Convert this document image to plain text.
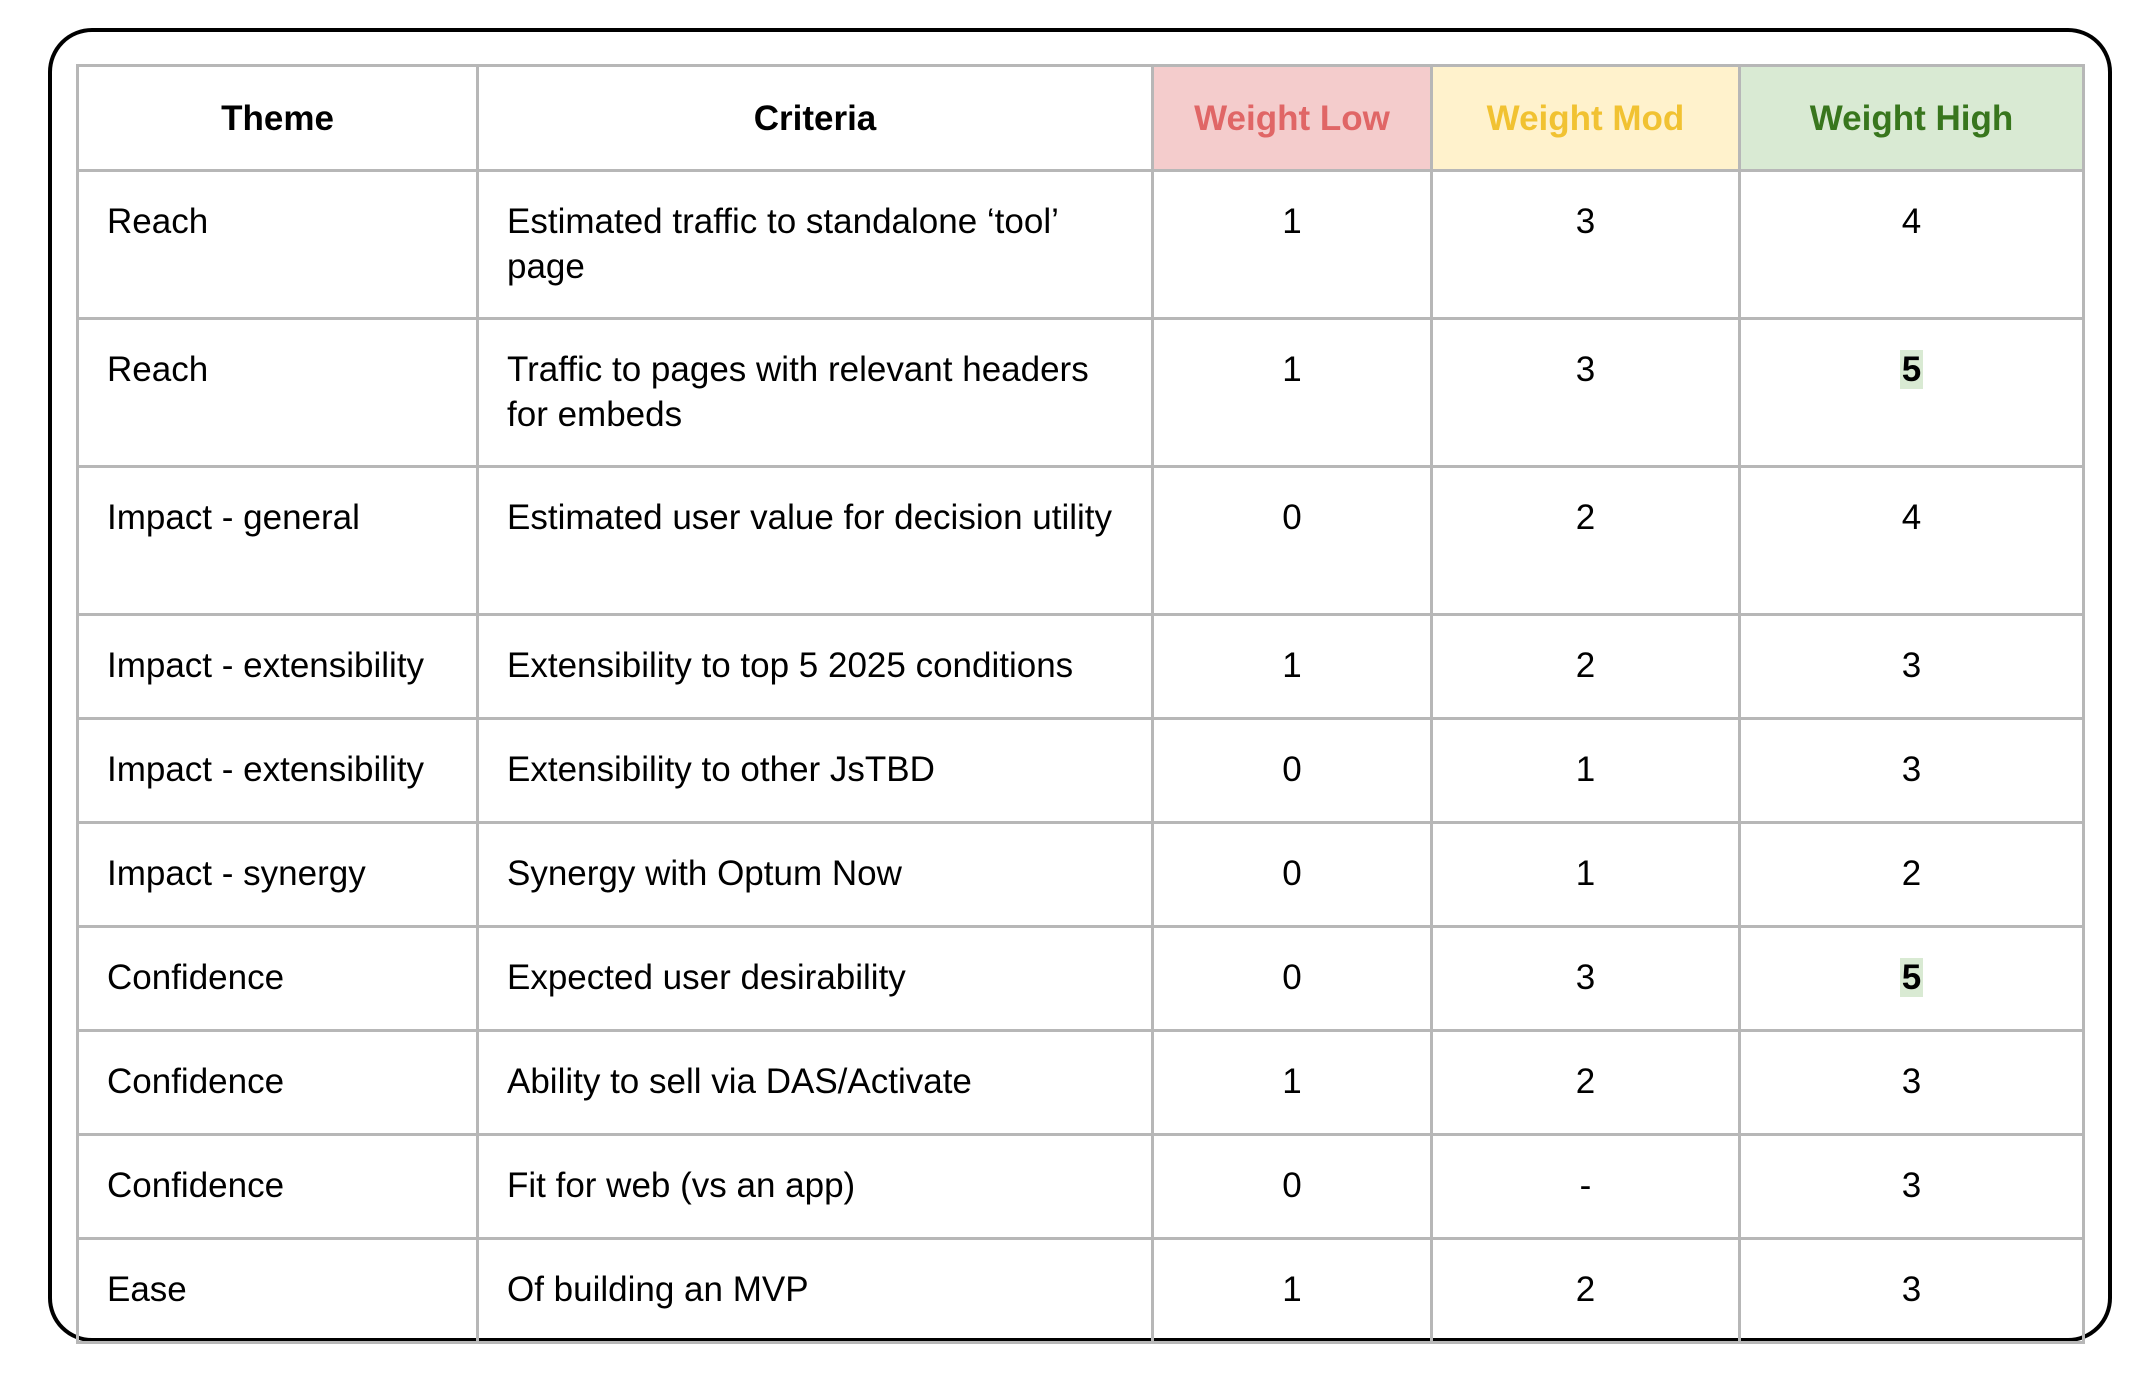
Theme	Criteria	Weight Low	Weight Mod	Weight High
Reach	Estimated traffic to standalone ‘tool’ page	1	3	4
Reach	Traffic to pages with relevant headers for embeds	1	3	5
Impact - general	Estimated user value for decision utility	0	2	4
Impact - extensibility	Extensibility to top 5 2025 conditions	1	2	3
Impact - extensibility	Extensibility to other JsTBD	0	1	3
Impact - synergy	Synergy with Optum Now	0	1	2
Confidence	Expected user desirability	0	3	5
Confidence	Ability to sell via DAS/Activate	1	2	3
Confidence	Fit for web (vs an app)	0	-	3
Ease	Of building an MVP	1	2	3
